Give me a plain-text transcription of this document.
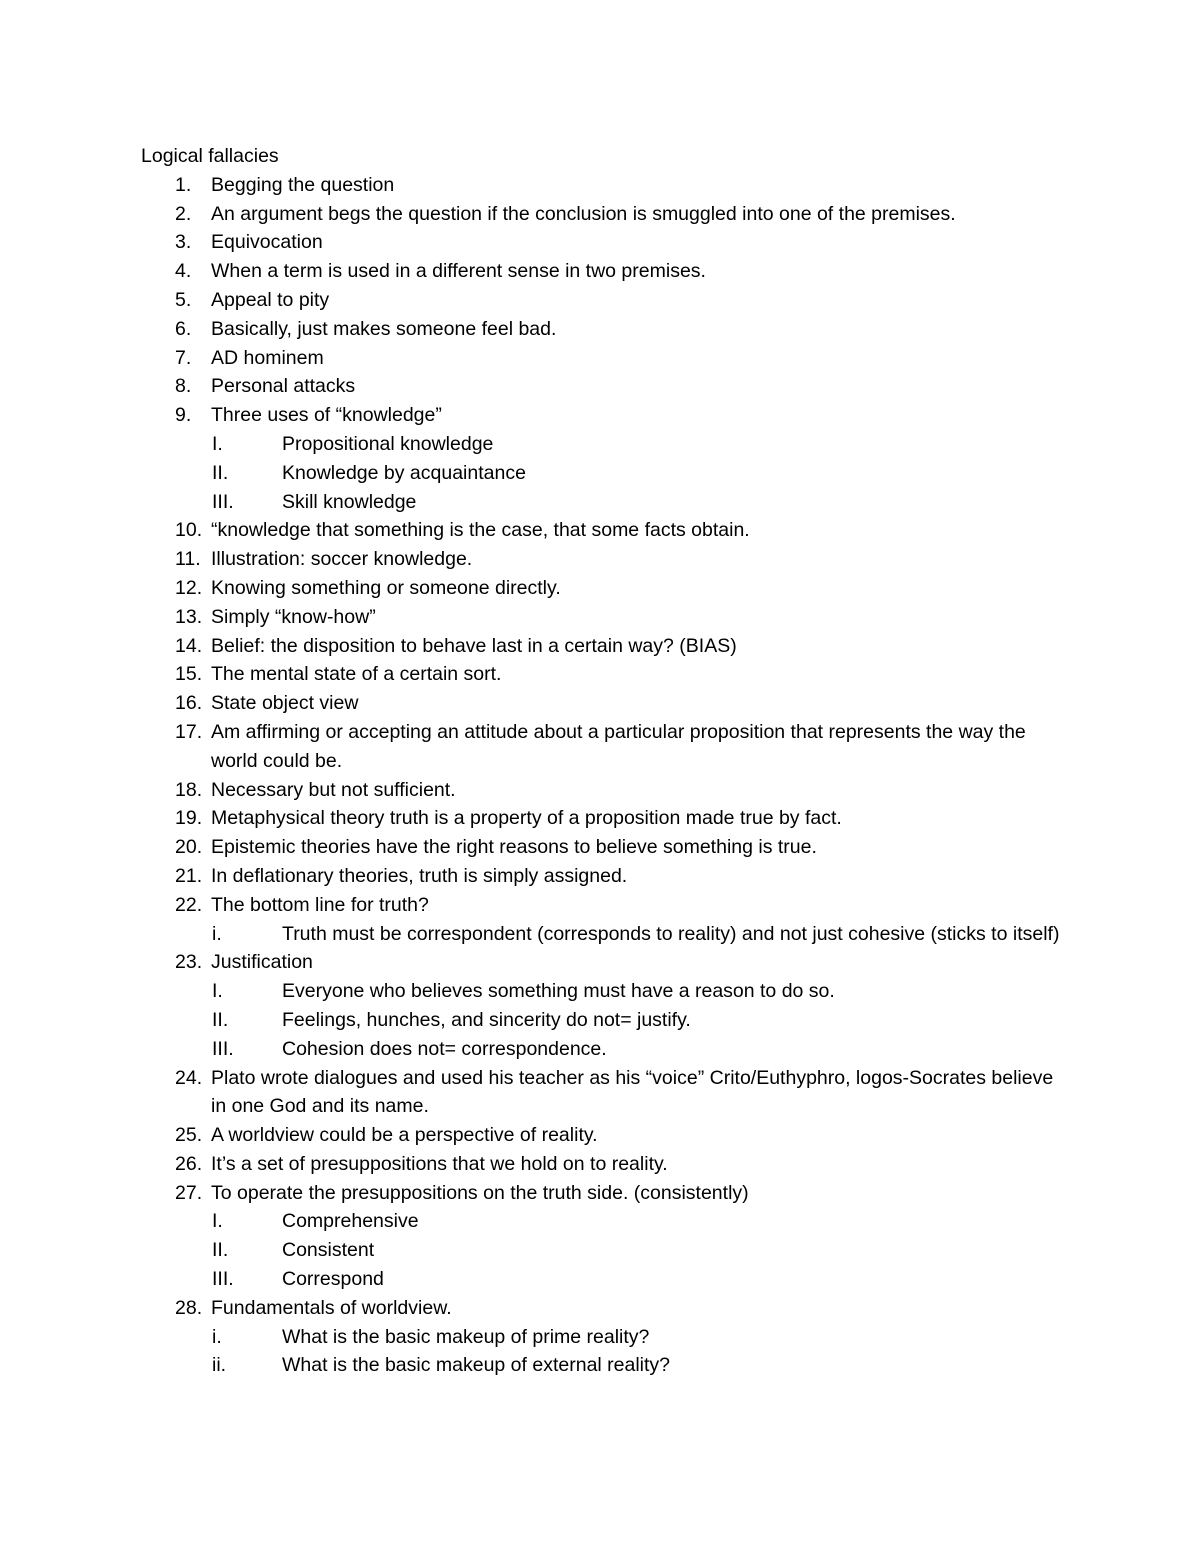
Logical fallacies
1. Begging the question
2. An argument begs the question if the conclusion is smuggled into one of the premises.
3. Equivocation
4. When a term is used in a different sense in two premises.
5. Appeal to pity
6. Basically, just makes someone feel bad.
7. AD hominem
8. Personal attacks
9. Three uses of “knowledge”
I.	Propositional knowledge
II.	Knowledge by acquaintance
III. Skill knowledge
10. “knowledge that something is the case, that some facts obtain.
11. Illustration: soccer knowledge.
12. Knowing something or someone directly.
13. Simply “know-how”
14. Belief: the disposition to behave last in a certain way? (BIAS)
15. The mental state of a certain sort.
16. State object view
17. Am affirming or accepting an attitude about a particular proposition that represents the way the world could be.
18. Necessary but not sufficient.
19. Metaphysical theory truth is a property of a proposition made true by fact.
20. Epistemic theories have the right reasons to believe something is true.
21. In deflationary theories, truth is simply assigned.
22. The bottom line for truth?
i.	Truth must be correspondent (corresponds to reality) and not just cohesive (sticks to itself)
23. Justification
I.	Everyone who believes something must have a reason to do so.
II.	Feelings, hunches, and sincerity do not= justify.
III. Cohesion does not= correspondence.
24. Plato wrote dialogues and used his teacher as his “voice” Crito/Euthyphro, logos-Socrates believe in one God and its name.
25. A worldview could be a perspective of reality.
26. It’s a set of presuppositions that we hold on to reality.
27. To operate the presuppositions on the truth side. (consistently)
I.	Comprehensive
II.	Consistent
III. Correspond
28. Fundamentals of worldview.
i.	What is the basic makeup of prime reality?
ii.	What is the basic makeup of external reality?
